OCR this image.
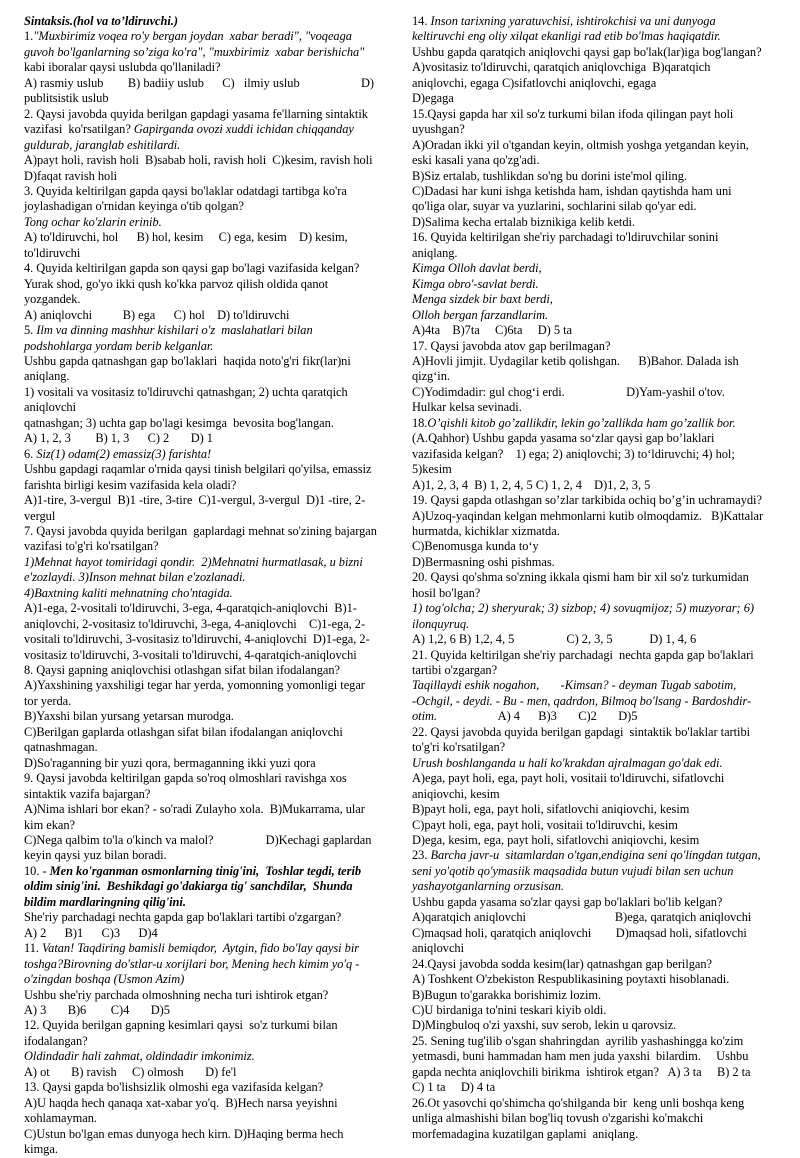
Sintaksis.(hol va to’ldiruvchi.)

1."Muxbirimiz voqea ro'y bergan joydan  xabar beradi", "voqeaga

guvoh bo'lganlarning so’ziga ko'ra", "muxbirimiz  xabar berishicha"

kabi iboralar qaysi uslubda qo'llaniladi?

A) rasmiy uslub        B) badiiy uslub      C)   ilmiy uslub                    D)

publitsistik uslub

2. Qaysi javobda quyida berilgan gapdagi yasama fe'llarning sintaktik

vazifasi  ko'rsatilgan? Gapirganda ovozi xuddi ichidan chiqqanday

guldurab, jaranglab eshitilardi.

A)payt holi, ravish holi  B)sabab holi, ravish holi  C)kesim, ravish holi

D)faqat ravish holi

3. Quyida keltirilgan gapda qaysi bo'laklar odatdagi tartibga ko'ra

joylashadigan o'rnidan keyinga o'tib qolgan?

Tong ochar ko'zlarin erinib.

A) to'ldiruvchi, hol      B) hol, kesim     C) ega, kesim    D) kesim,

to'ldiruvchi

4. Quyida keltirilgan gapda son qaysi gap bo'lagi vazifasida kelgan?

Yurak shod, go'yo ikki qush ko'kka parvoz qilish oldida qanot

yozgandek.

A) aniqlovchi          B) ega      C) hol    D) to'ldiruvchi

5. Ilm va dinning mashhur kishilari o'z  maslahatlari bilan

podshohlarga yordam berib kelganlar.

Ushbu gapda qatnashgan gap bo'laklari  haqida noto'g'ri fikr(lar)ni

aniqlang.

1) vositali va vositasiz to'ldiruvchi qatnashgan; 2) uchta qaratqich

aniqlovchi

qatnashgan; 3) uchta gap bo'lagi kesimga  bevosita bog'langan.

A) 1, 2, 3        B) 1, 3      C) 2       D) 1

6. Siz(1) odam(2) emassiz(3) farishta!

Ushbu gapdagi raqamlar o'rnida qaysi tinish belgilari qo'yilsa, emassiz

farishta birligi kesim vazifasida kela oladi?

A)1-tire, 3-vergul  B)1 -tire, 3-tire  C)1-vergul, 3-vergul  D)1 -tire, 2-

vergul

7. Qaysi javobda quyida berilgan  gaplardagi mehnat so'zining bajargan

vazifasi to'g'ri ko'rsatilgan?

1)Mehnat hayot tomiridagi qondir.  2)Mehnatni hurmatlasak, u bizni

e'zozlaydi. 3)Inson mehnat bilan e'zozlanadi.

4)Baxtning kaliti mehnatning cho'ntagida.

A)1-ega, 2-vositali to'ldiruvchi, 3-ega, 4-qaratqich-aniqlovchi  B)1-

aniqlovchi, 2-vositasiz to'ldiruvchi, 3-ega, 4-aniqlovchi    C)1-ega, 2-

vositali to'ldiruvchi, 3-vositasiz to'ldiruvchi, 4-aniqlovchi  D)1-ega, 2-

vositasiz to'ldiruvchi, 3-vositali to'ldiruvchi, 4-qaratqich-aniqlovchi

8. Qaysi gapning aniqlovchisi otlashgan sifat bilan ifodalangan?

A)Yaxshining yaxshiligi tegar har yerda, yomonning yomonligi tegar

tor yerda.

B)Yaxshi bilan yursang yetarsan murodga.

C)Berilgan gaplarda otlashgan sifat bilan ifodalangan aniqlovchi

qatnashmagan.

D)So'raganning bir yuzi qora, bermaganning ikki yuzi qora

9. Qaysi javobda keltirilgan gapda so'roq olmoshlari ravishga xos

sintaktik vazifa bajargan?

A)Nima ishlari bor ekan? - so'radi Zulayho xola.  B)Mukarrama, ular

kim ekan?

C)Nega qalbim to'la o'kinch va malol?                 D)Kechagi gaplardan

keyin qaysi yuz bilan boradi.

10. - Men ko'rganman osmonlarning tinig'ini,  Toshlar tegdi, terib

oldim sinig'ini.  Beshikdagi go'dakiarga tig' sanchdilar,  Shunda

bildim mardlaringning qilig'ini.

She'riy parchadagi nechta gapda gap bo'laklari tartibi o'zgargan?

A) 2      B)1      C)3      D)4

11. Vatan! Taqdiring bamisli bemiqdor,  Aytgin, fido bo'lay qaysi bir

toshga?Birovning do'stlar-u xorijlari bor, Mening hech kimim yo'q -

o'zingdan boshqa (Usmon Azim)

Ushbu she'riy parchada olmoshning necha turi ishtirok etgan?

A) 3       B)6        C)4       D)5

12. Quyida berilgan gapning kesimlari qaysi  so'z turkumi bilan

ifodalangan?

Oldindadir hali zahmat, oldindadir imkonimiz.

A) ot       B) ravish     C) olmosh       D) fe'l

13. Qaysi gapda bo'lishsizlik olmoshi ega vazifasida kelgan?

A)U haqda hech qanaqa xat-xabar yo'q.  B)Hech narsa yeyishni

xohlamayman.

C)Ustun bo'lgan emas dunyoga hech kirn. D)Haqing berma hech

kimga.

14. Inson tarixning yaratuvchisi, ishtirokchisi va uni dunyoga

keltiruvchi eng oliy xilqat ekanligi rad etib bo'lmas haqiqatdir.

Ushbu gapda qaratqich aniqlovchi qaysi gap bo'lak(lar)iga bog'langan?

A)vositasiz to'ldiruvchi, qaratqich aniqlovchiga  B)qaratqich

aniqlovchi, egaga C)sifatlovchi aniqlovchi, egaga

D)egaga

15.Qaysi gapda har xil so'z turkumi bilan ifoda qilingan payt holi

uyushgan?

A)Oradan ikki yil o'tgandan keyin, oltmish yoshga yetgandan keyin,

eski kasali yana qo'zg'adi.

B)Siz ertalab, tushlikdan so'ng bu dorini iste'mol qiling.

C)Dadasi har kuni ishga ketishda ham, ishdan qaytishda ham uni

qo'liga olar, suyar va yuzlarini, sochlarini silab qo'yar edi.

D)Salima kecha ertalab biznikiga kelib ketdi.

16. Quyida keltirilgan she'riy parchadagi to'ldiruvchilar sonini

aniqlang.

Kimga Olloh davlat berdi,

Kimga obro'-savlat berdi.

Menga sizdek bir baxt berdi,

Olloh bergan farzandlarim.

A)4ta    B)7ta     C)6ta     D) 5 ta

17. Qaysi javobda atov gap berilmagan?

A)Hovli jimjit. Uydagilar ketib qolishgan.      B)Bahor. Dalada ish

qizg‘in.

C)Yodimdadir: gul chog‘i erdi.                    D)Yam-yashil o'tov.

Hulkar kelsa sevinadi.

18.O’qishli kitob go’zallikdir, lekin go’zallikda ham go’zallik bor.

(A.Qahhor) Ushbu gapda yasama so‘zlar qaysi gap bo’laklari

vazifasida kelgan?    1) ega; 2) aniqlovchi; 3) to‘ldiruvchi; 4) hol;

5)kesim

A)1, 2, 3, 4  B) 1, 2, 4, 5 C) 1, 2, 4    D)1, 2, 3, 5

19. Qaysi gapda otlashgan so’zlar tarkibida ochiq bo’g’in uchramaydi?

A)Uzoq-yaqindan kelgan mehmonlarni kutib olmoqdamiz.   B)Kattalar

hurmatda, kichiklar xizmatda.

C)Benomusga kunda to‘y

D)Bermasning oshi pishmas.

20. Qaysi qo'shma so'zning ikkala qismi ham bir xil so'z turkumidan

hosil bo'lgan?

1) tog'olcha; 2) sheryurak; 3) sizbop; 4) sovuqmijoz; 5) muzyorar; 6)

ilonquyruq.

A) 1,2, 6 B) 1,2, 4, 5                 C) 2, 3, 5            D) 1, 4, 6

21. Quyida keltirilgan she'riy parchadagi  nechta gapda gap bo'laklari

tartibi o'zgargan?

Taqillaydi eshik nogahon,       -Kimsan? - deyman Tugab sabotim,

-Ochgil, - deydi. - Bu - men, qadrdon, Bilmoq bo'lsang - Bardoshdir-

otim.                    A) 4      B)3       C)2       D)5

22. Qaysi javobda quyida berilgan gapdagi  sintaktik bo'laklar tartibi

to'g'ri ko'rsatilgan?

Urush boshlanganda u hali ko'krakdan ajralmagan go'dak edi.

A)ega, payt holi, ega, payt holi, vositaii to'ldiruvchi, sifatlovchi

aniqiovchi, kesim

B)payt holi, ega, payt holi, sifatlovchi aniqiovchi, kesim

C)payt holi, ega, payt holi, vositaii to'ldiruvchi, kesim

D)ega, kesim, ega, payt holi, sifatlovchi aniqiovchi, kesim

23. Barcha javr-u  sitamlardan o'tgan,endigina seni qo'lingdan tutgan,

seni yo'qotib qo'ymasiik maqsadida butun vujudi bilan sen uchun

yashayotganlarning orzusisan.

Ushbu gapda yasama so'zlar qaysi gap bo'laklari bo'lib kelgan?

A)qaratqich aniqlovchi                             B)ega, qaratqich aniqlovchi

C)maqsad holi, qaratqich aniqlovchi        D)maqsad holi, sifatlovchi

aniqlovchi

24.Qaysi javobda sodda kesim(lar) qatnashgan gap berilgan?

A) Toshkent O'zbekiston Respublikasining poytaxti hisoblanadi.

B)Bugun to'garakka borishimiz lozim.

C)U birdaniga to'nini teskari kiyib oldi.

D)Mingbuloq o'zi yaxshi, suv serob, lekin u qarovsiz.

25. Sening tug'ilib o'sgan shahringdan  ayrilib yashashingga ko'zim

yetmasdi, buni hammadan ham men juda yaxshi  bilardim.     Ushbu

gapda nechta aniqlovchili birikma  ishtirok etgan?   A) 3 ta     B) 2 ta

C) 1 ta     D) 4 ta

26.Ot yasovchi qo'shimcha qo'shilganda bir  keng unli boshqa keng

unliga almashishi bilan bog'liq tovush o'zgarishi ko'makchi

morfemadagina kuzatilgan gaplami  aniqlang.
